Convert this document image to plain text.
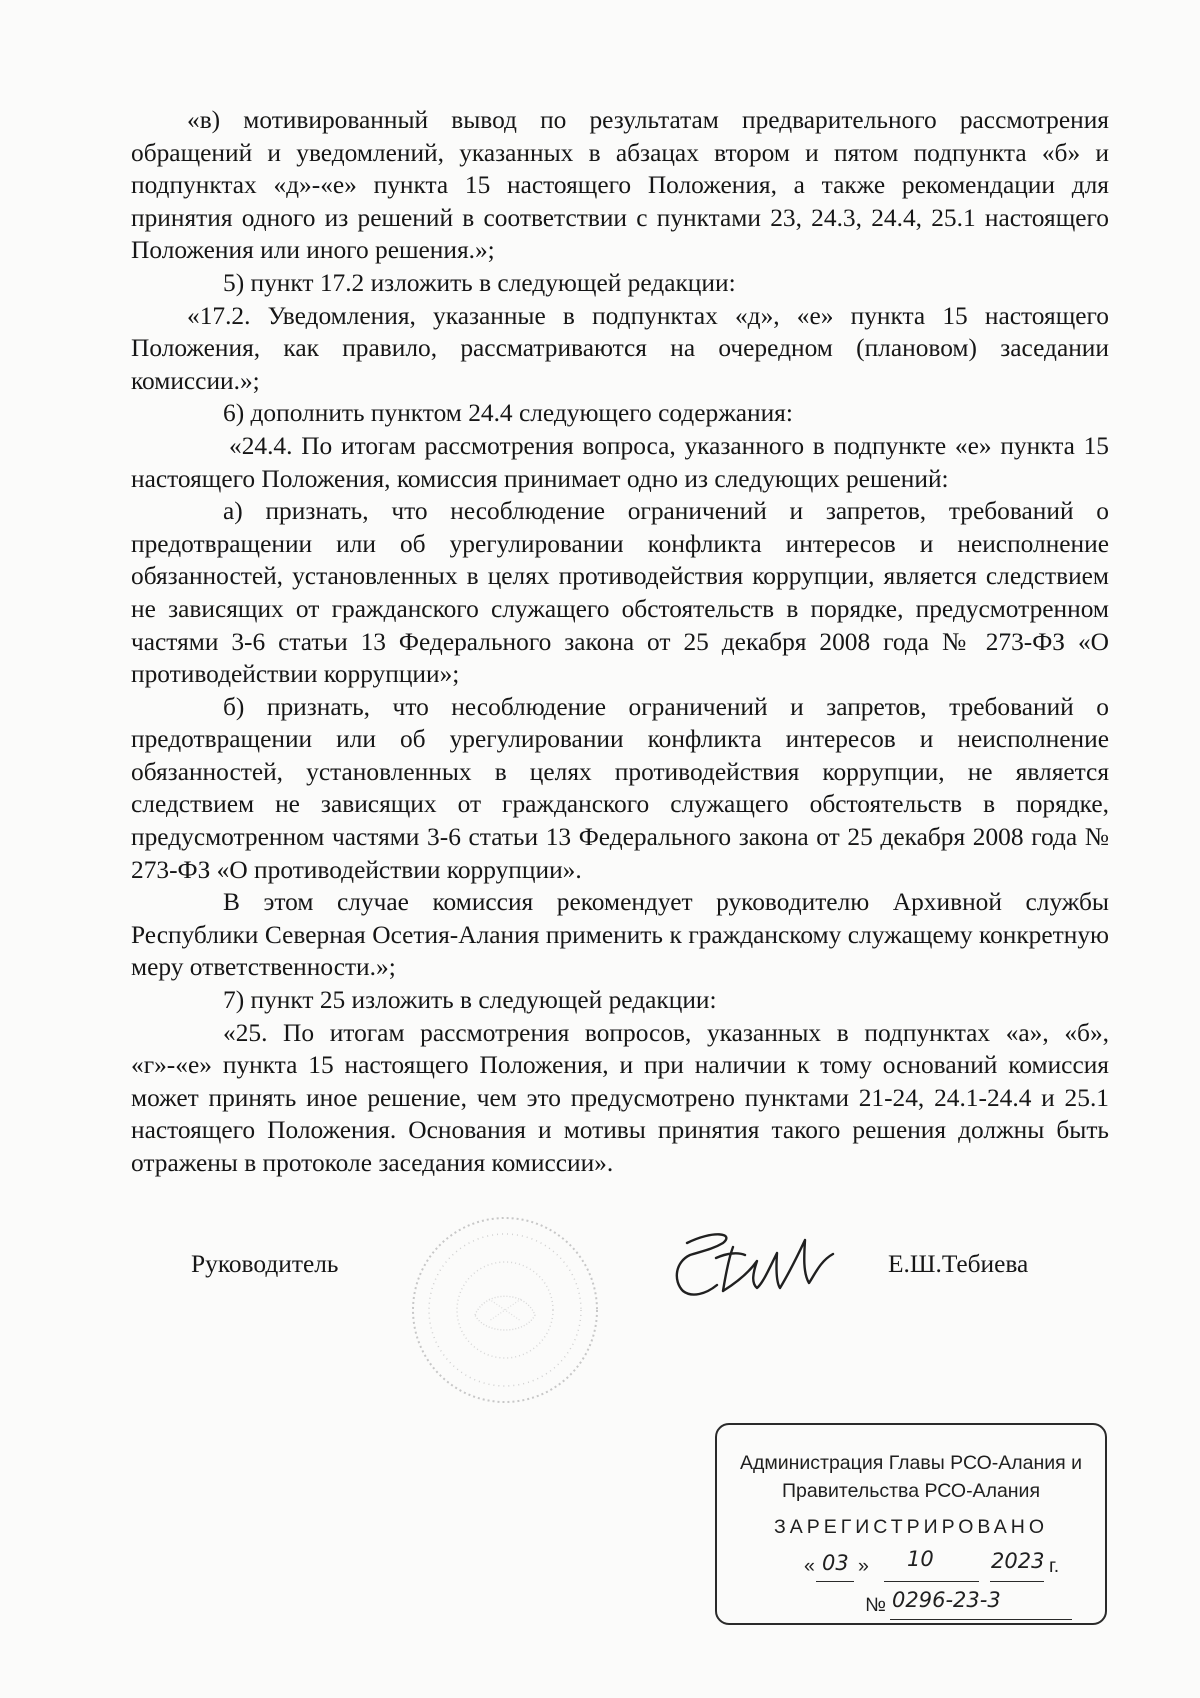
«в) мотивированный вывод по результатам предварительного рассмотрения обращений и уведомлений, указанных в абзацах втором и пятом подпункта «б» и подпунктах «д»-«е» пункта 15 настоящего Положения, а также рекомендации для принятия одного из решений в соответствии с пунктами 23, 24.3, 24.4, 25.1 настоящего Положения или иного решения.»;

5) пункт 17.2 изложить в следующей редакции:

«17.2. Уведомления, указанные в подпунктах «д», «е» пункта 15 настоящего Положения, как правило, рассматриваются на очередном (плановом) заседании комиссии.»;

6) дополнить пунктом 24.4 следующего содержания:

«24.4. По итогам рассмотрения вопроса, указанного в подпункте «е» пункта 15 настоящего Положения, комиссия принимает одно из следующих решений:

а) признать, что несоблюдение ограничений и запретов, требований о предотвращении или об урегулировании конфликта интересов и неисполнение обязанностей, установленных в целях противодействия коррупции, является следствием не зависящих от гражданского служащего обстоятельств в порядке, предусмотренном частями 3-6 статьи 13 Федерального закона от 25 декабря 2008 года № 273-ФЗ «О противодействии коррупции»;

б) признать, что несоблюдение ограничений и запретов, требований о предотвращении или об урегулировании конфликта интересов и неисполнение обязанностей, установленных в целях противодействия коррупции, не является следствием не зависящих от гражданского служащего обстоятельств в порядке, предусмотренном частями 3-6 статьи 13 Федерального закона от 25 декабря 2008 года № 273-ФЗ «О противодействии коррупции».

В этом случае комиссия рекомендует руководителю Архивной службы Республики Северная Осетия-Алания применить к гражданскому служащему конкретную меру ответственности.»;

7) пункт 25 изложить в следующей редакции:

«25. По итогам рассмотрения вопросов, указанных в подпунктах «а», «б», «г»-«е» пункта 15 настоящего Положения, и при наличии к тому оснований комиссия может принять иное решение, чем это предусмотрено пунктами 21-24, 24.1-24.4 и 25.1 настоящего Положения. Основания и мотивы принятия такого решения должны быть отражены в протоколе заседания комиссии».

Руководитель	Е.Ш.Тебиева
Администрация Главы РСО-Алания и
Правительства РСО-Алания
ЗАРЕГИСТРИРОВАНО
« 03 » 10	2023 г.
№ 0296-23-3
